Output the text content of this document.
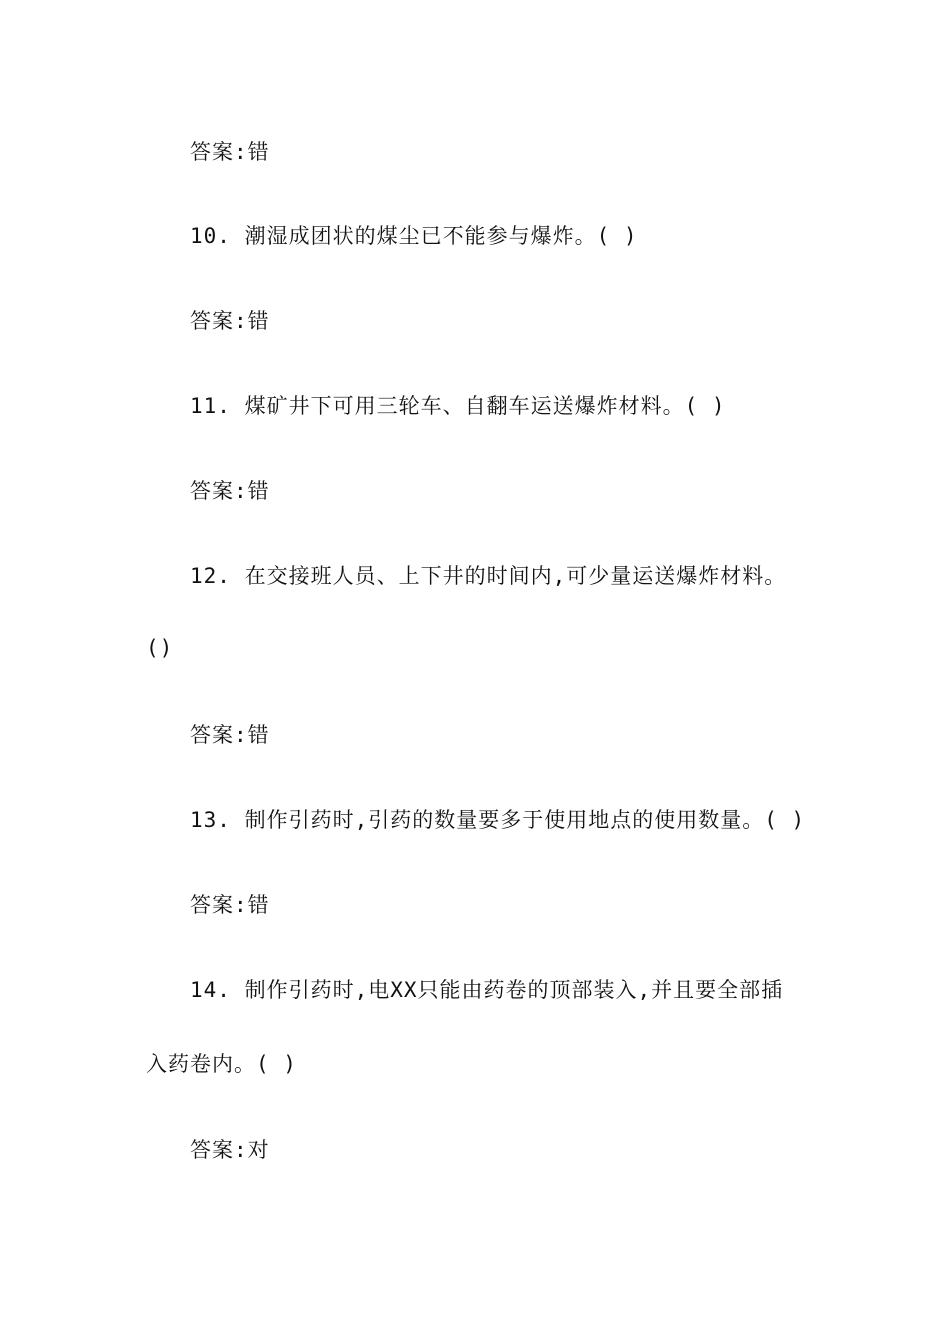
答案:错
10. 潮湿成团状的煤尘已不能参与爆炸。( )
答案:错
11. 煤矿井下可用三轮车、自翻车运送爆炸材料。( )
答案:错
12. 在交接班人员、上下井的时间内,可少量运送爆炸材料。
()
答案:错
13. 制作引药时,引药的数量要多于使用地点的使用数量。( )
答案:错
14. 制作引药时,电XX只能由药卷的顶部装入,并且要全部插
入药卷内。( )
答案:对
